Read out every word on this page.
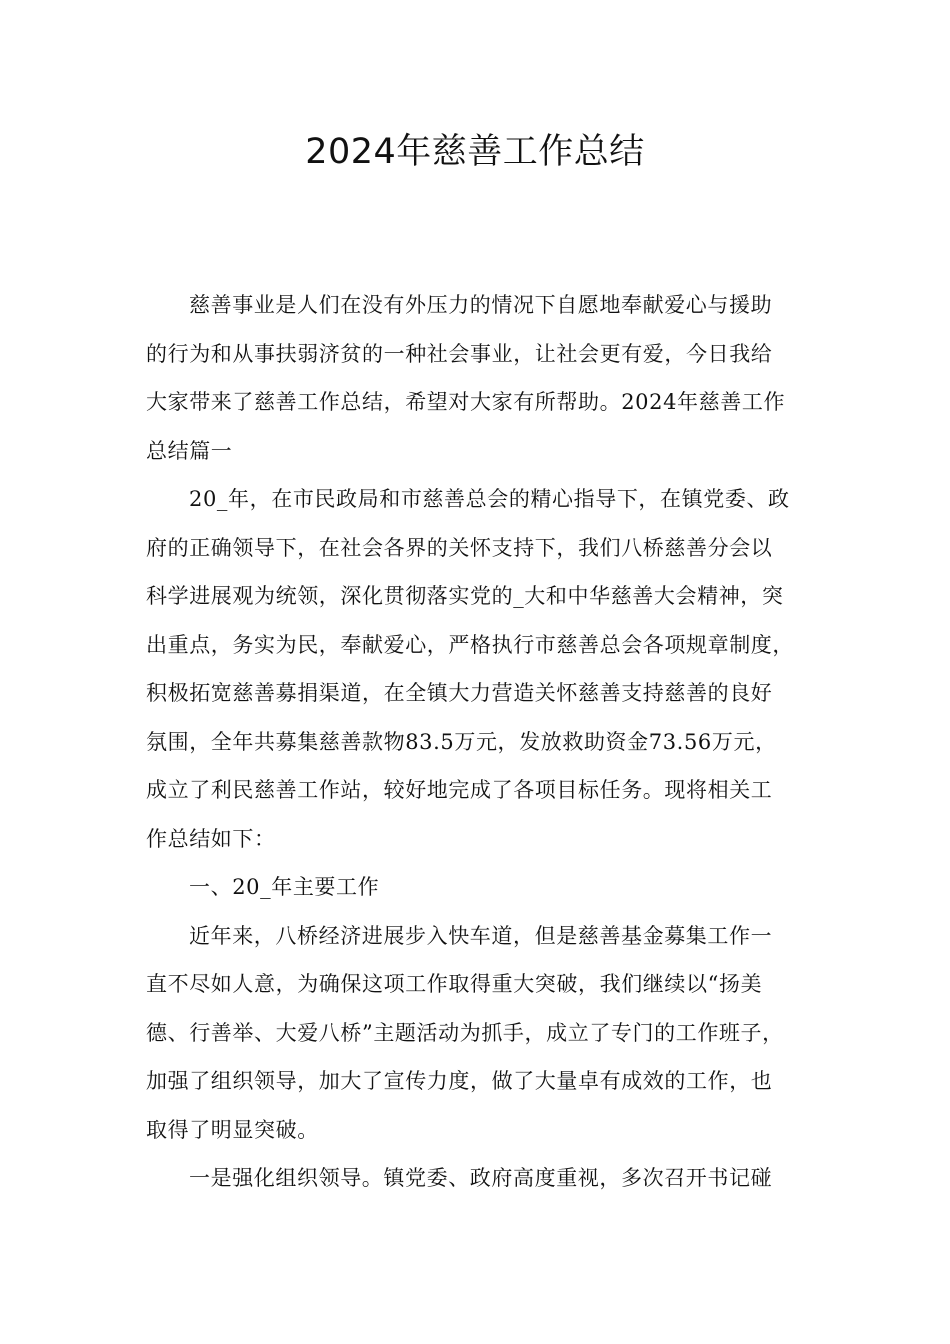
2024年慈善工作总结

慈善事业是人们在没有外压力的情况下自愿地奉献爱心与援助
的行为和从事扶弱济贫的一种社会事业，让社会更有爱，今日我给
大家带来了慈善工作总结，希望对大家有所帮助。2024年慈善工作
总结篇一

20_年，在市民政局和市慈善总会的精心指导下，在镇党委、政
府的正确领导下，在社会各界的关怀支持下，我们八桥慈善分会以
科学进展观为统领，深化贯彻落实党的_大和中华慈善大会精神，突
出重点，务实为民，奉献爱心，严格执行市慈善总会各项规章制度，
积极拓宽慈善募捐渠道，在全镇大力营造关怀慈善支持慈善的良好
氛围，全年共募集慈善款物83.5万元，发放救助资金73.56万元，
成立了利民慈善工作站，较好地完成了各项目标任务。现将相关工
作总结如下：

一、20_年主要工作

近年来，八桥经济进展步入快车道，但是慈善基金募集工作一
直不尽如人意，为确保这项工作取得重大突破，我们继续以“扬美
德、行善举、大爱八桥”主题活动为抓手，成立了专门的工作班子，
加强了组织领导，加大了宣传力度，做了大量卓有成效的工作，也
取得了明显突破。

一是强化组织领导。镇党委、政府高度重视，多次召开书记碰
